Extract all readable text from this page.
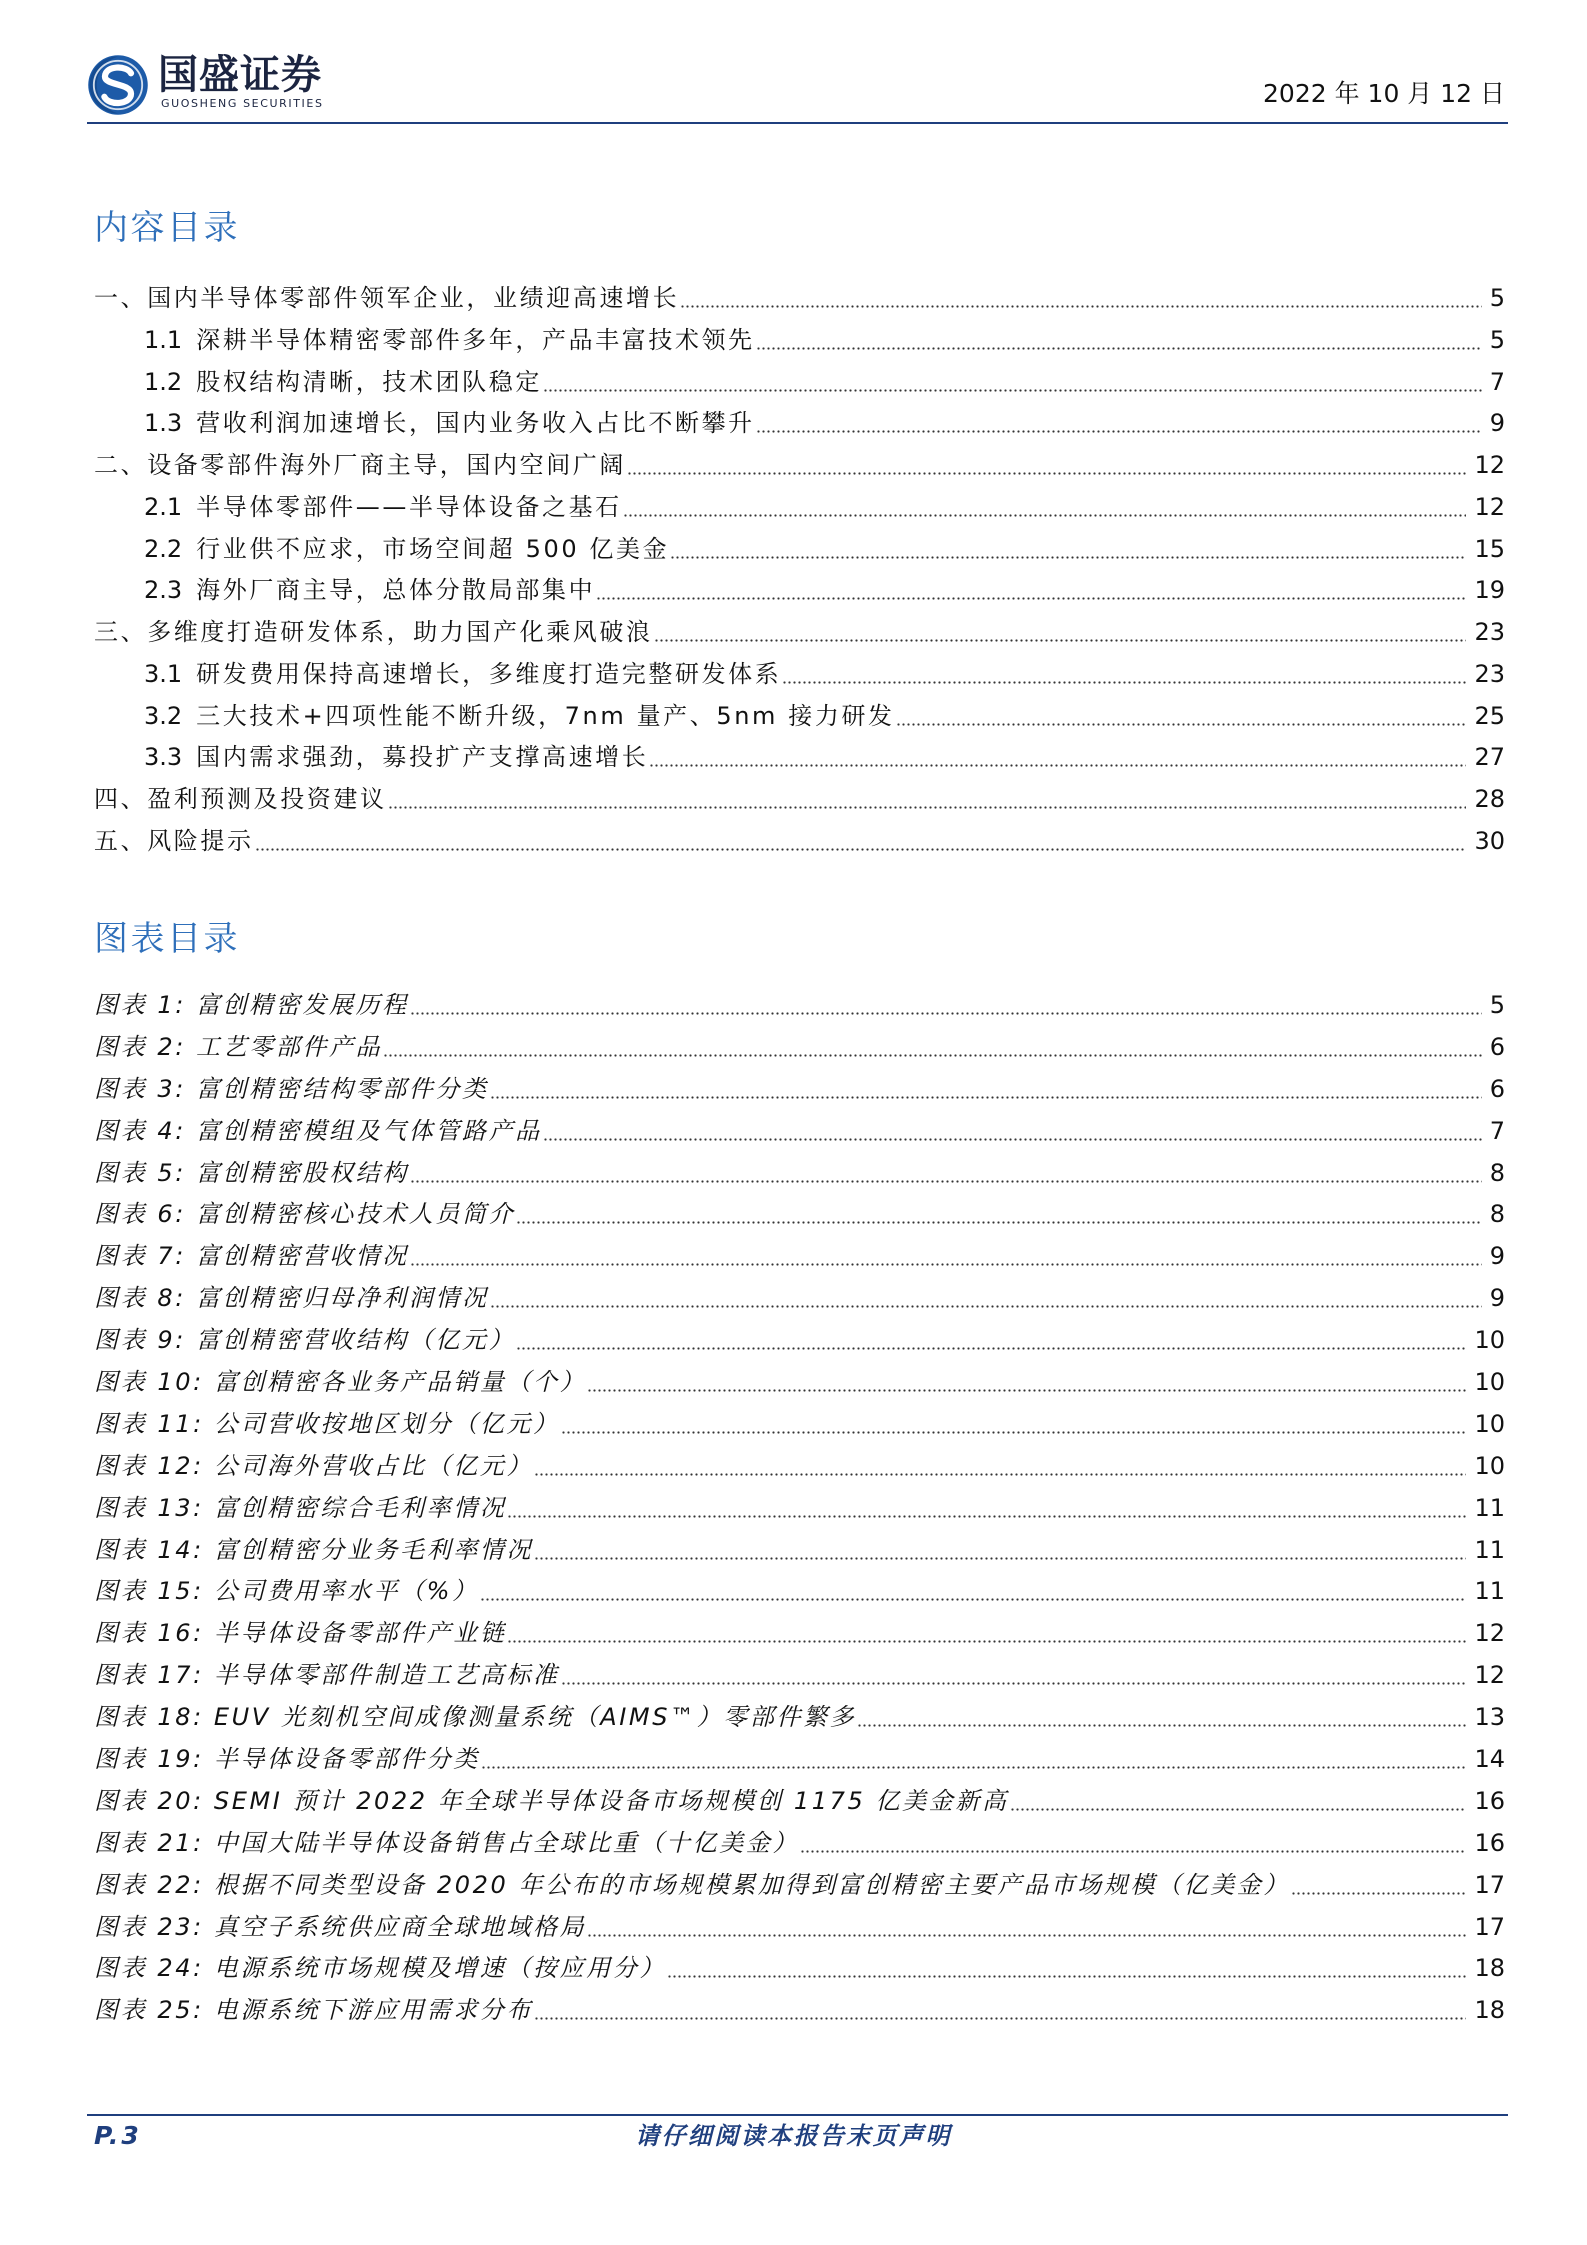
国盛证券
GUOSHENG SECURITIES	2022 年 10 月 12 日
内容目录
一、 国内半导体零部件领军企业，业绩迎高速增长	5
1.1 深耕半导体精密零部件多年，产品丰富技术领先	5
1.2 股权结构清晰，技术团队稳定	7
1.3 营收利润加速增长，国内业务收入占比不断攀升	9
二、 设备零部件海外厂商主导，国内空间广阔	12
2.1 半导体零部件——半导体设备之基石	12
2.2 行业供不应求，市场空间超 500 亿美金	15
2.3 海外厂商主导，总体分散局部集中	19
三、 多维度打造研发体系，助力国产化乘风破浪	23
3.1 研发费用保持高速增长，多维度打造完整研发体系	23
3.2 三大技术+四项性能不断升级，7nm 量产、5nm 接力研发	25
3.3 国内需求强劲，募投扩产支撑高速增长	27
四、 盈利预测及投资建议	28
五、 风险提示	30
图表目录
图表 1: 富创精密发展历程	5
图表 2: 工艺零部件产品	6
图表 3: 富创精密结构零部件分类	6
图表 4: 富创精密模组及气体管路产品	7
图表 5: 富创精密股权结构	8
图表 6: 富创精密核心技术人员简介	8
图表 7: 富创精密营收情况	9
图表 8: 富创精密归母净利润情况	9
图表 9: 富创精密营收结构（亿元）	10
图表 10: 富创精密各业务产品销量（个）	10
图表 11: 公司营收按地区划分（亿元）	10
图表 12: 公司海外营收占比（亿元）	10
图表 13: 富创精密综合毛利率情况	11
图表 14: 富创精密分业务毛利率情况	11
图表 15: 公司费用率水平（%）	11
图表 16: 半导体设备零部件产业链	12
图表 17: 半导体零部件制造工艺高标准	12
图表 18: EUV 光刻机空间成像测量系统（AIMS™）零部件繁多	13
图表 19: 半导体设备零部件分类	14
图表 20: SEMI 预计 2022 年全球半导体设备市场规模创 1175 亿美金新高	16
图表 21: 中国大陆半导体设备销售占全球比重（十亿美金）	16
图表 22: 根据不同类型设备 2020 年公布的市场规模累加得到富创精密主要产品市场规模（亿美金）	17
图表 23: 真空子系统供应商全球地域格局	17
图表 24: 电源系统市场规模及增速（按应用分）	18
图表 25: 电源系统下游应用需求分布	18
P.3	请仔细阅读本报告末页声明
